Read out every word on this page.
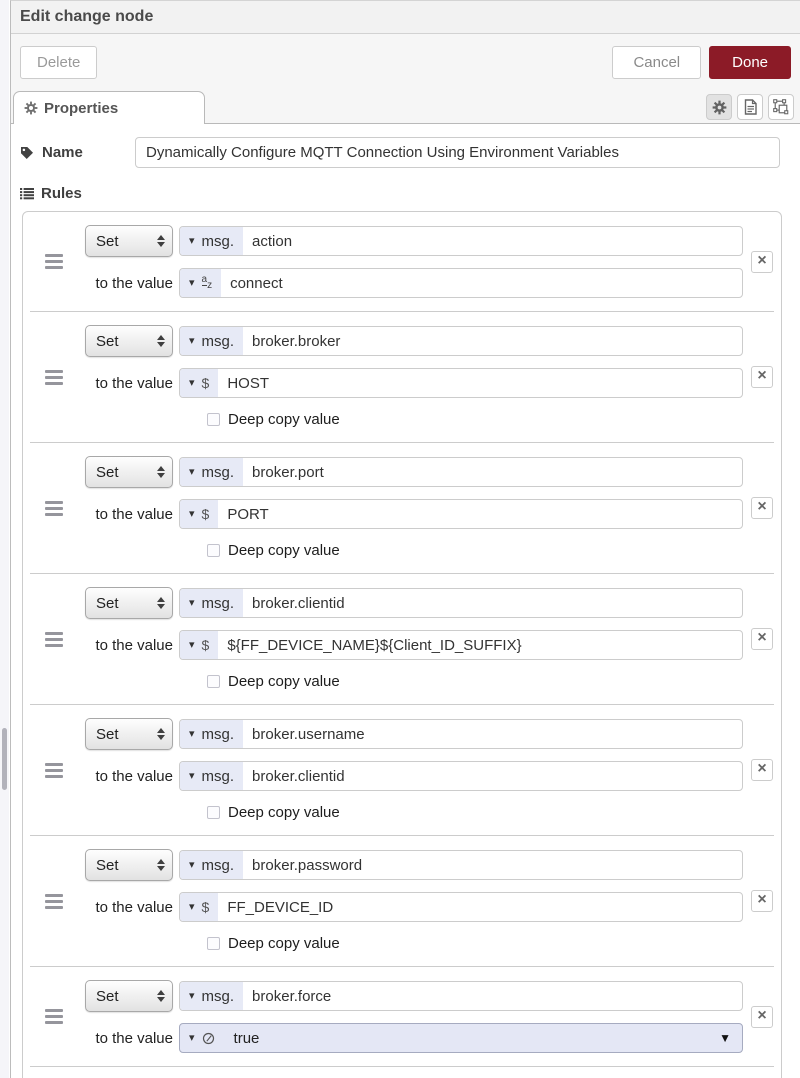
Edit change node
Delete	Cancel	Done
Properties
Name
Dynamically Configure MQTT Connection Using Environment Variables
Rules
Set	▾ msg. action
to the value ▾ a
z connect
×
Set	▾ msg. broker.broker
to the value ▾ $ HOST
Deep copy value
×
Set	▾ msg. broker.port
to the value ▾ $ PORT
Deep copy value
×
Set	▾ msg. broker.clientid
to the value ▾ $ ${FF_DEVICE_NAME}${Client_ID_SUFFIX}
Deep copy value
×
Set	▾ msg. broker.username
to the value ▾ msg. broker.clientid
Deep copy value
×
Set	▾ msg. broker.password
to the value ▾ $ FF_DEVICE_ID
Deep copy value
×
Set	▾ msg. broker.force
to the value ▾	true	▼
×
